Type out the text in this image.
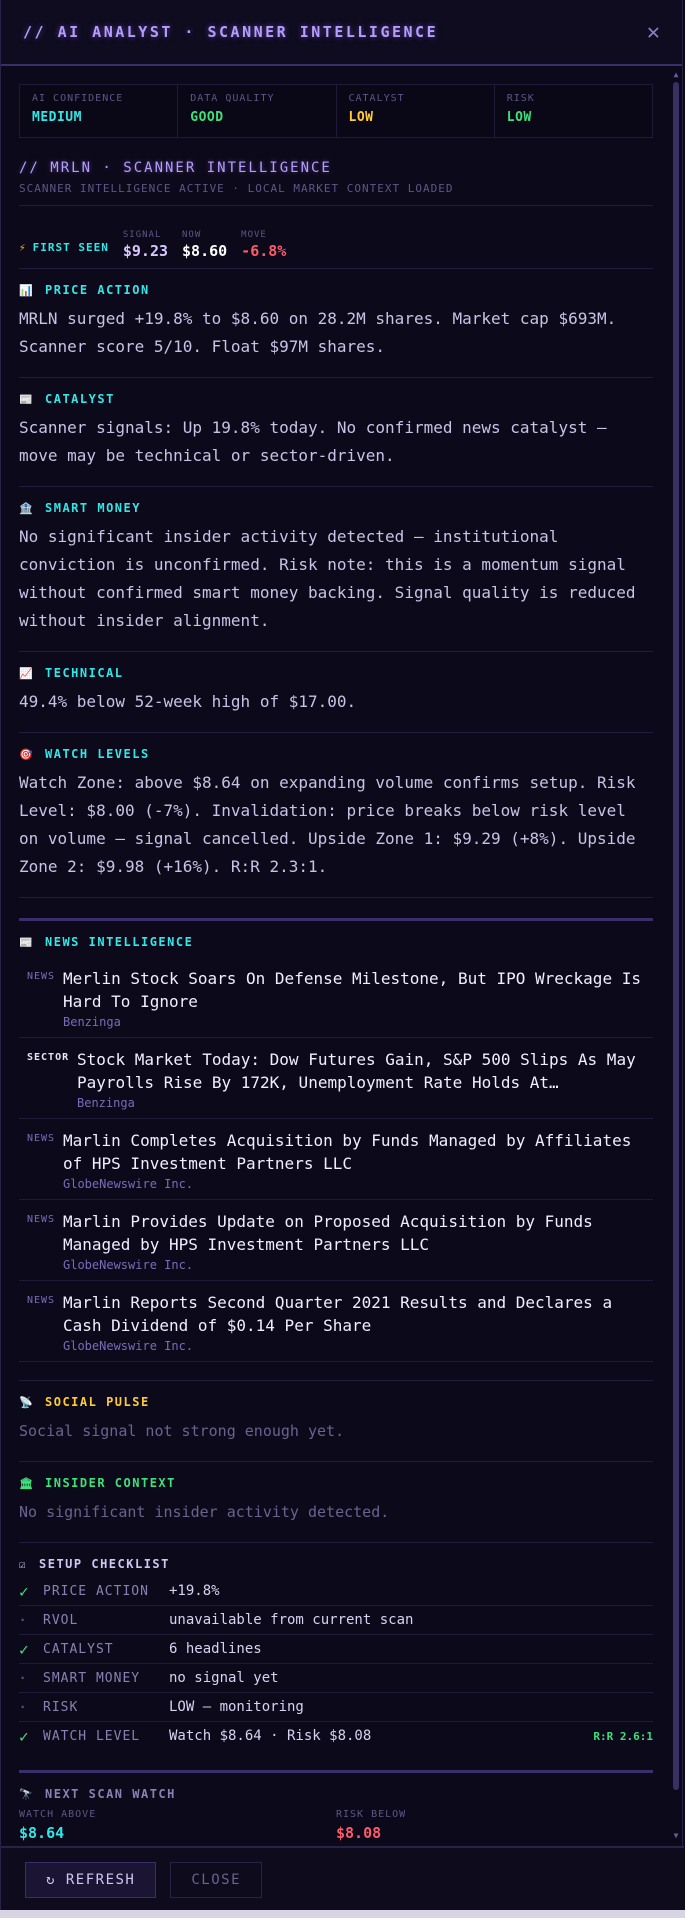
// AI ANALYST · SCANNER INTELLIGENCE	✕
AI CONFIDENCE
MEDIUM
DATA QUALITY
GOOD
CATALYST
LOW
RISK
LOW
// MRLN · SCANNER INTELLIGENCE
SCANNER INTELLIGENCE ACTIVE · LOCAL MARKET CONTEXT LOADED
⚡ FIRST SEEN
SIGNAL
$9.23
NOW
$8.60
MOVE
-6.8%
📊 PRICE ACTION
MRLN surged +19.8% to $8.60 on 28.2M shares. Market cap $693M. Scanner score 5/10. Float $97M shares.
📰 CATALYST
Scanner signals: Up 19.8% today. No confirmed news catalyst — move may be technical or sector-driven.
🏦 SMART MONEY
No significant insider activity detected — institutional conviction is unconfirmed. Risk note: this is a momentum signal without confirmed smart money backing. Signal quality is reduced without insider alignment.
📈 TECHNICAL
49.4% below 52-week high of $17.00.
🎯 WATCH LEVELS
Watch Zone: above $8.64 on expanding volume confirms setup. Risk Level: $8.00 (-7%). Invalidation: price breaks below risk level on volume — signal cancelled. Upside Zone 1: $9.29 (+8%). Upside Zone 2: $9.98 (+16%). R:R 2.3:1.
📰 NEWS INTELLIGENCE
NEWS Merlin Stock Soars On Defense Milestone, But IPO Wreckage Is Hard To Ignore
Benzinga
SECTOR Stock Market Today: Dow Futures Gain, S&P 500 Slips As May Payrolls Rise By 172K, Unemployment Rate Holds At…
Benzinga
NEWS Marlin Completes Acquisition by Funds Managed by Affiliates of HPS Investment Partners LLC
GlobeNewswire Inc.
NEWS Marlin Provides Update on Proposed Acquisition by Funds Managed by HPS Investment Partners LLC
GlobeNewswire Inc.
NEWS Marlin Reports Second Quarter 2021 Results and Declares a Cash Dividend of $0.14 Per Share
GlobeNewswire Inc.
📡 SOCIAL PULSE
Social signal not strong enough yet.
🏛 INSIDER CONTEXT
No significant insider activity detected.
☑ SETUP CHECKLIST
✓	PRICE ACTION	+19.8%
·	RVOL	unavailable from current scan
✓	CATALYST	6 headlines
·	SMART MONEY	no signal yet
·	RISK	LOW — monitoring
✓	WATCH LEVEL	Watch $8.64 · Risk $8.08	R:R 2.6:1
🔭 NEXT SCAN WATCH
WATCH ABOVE
$8.64
RISK BELOW
$8.08
▲
▼
↻ REFRESH	CLOSE
